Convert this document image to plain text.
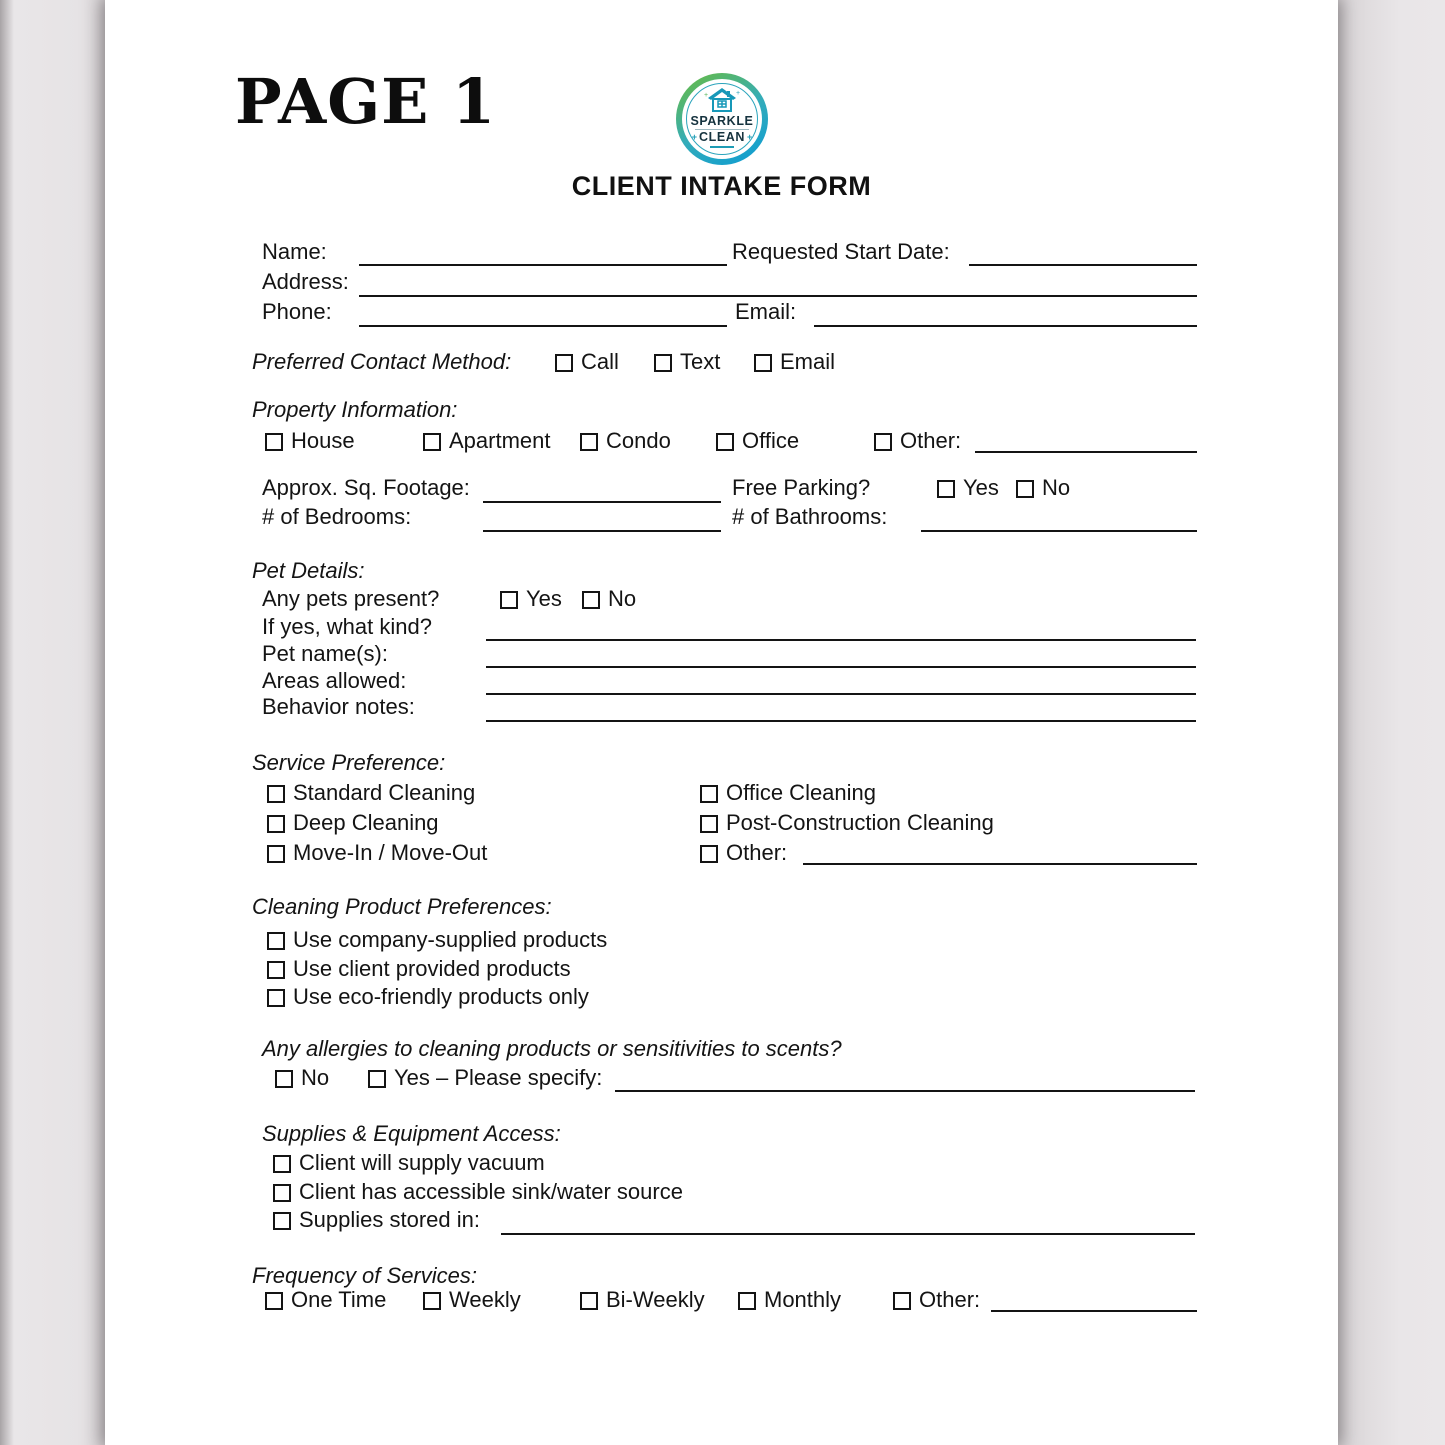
PAGE 1	+	+
SPARKLE
+ CLEAN +
CLIENT INTAKE FORM
Name:	Requested Start Date:
Address:
Phone:	Email:
Preferred Contact Method:	Call	Text	Email
Property Information:
House	Apartment	Condo	Office	Other:
Approx. Sq. Footage:	Free Parking?	Yes No
# of Bedrooms:	# of Bathrooms:
Pet Details:
Any pets present?	Yes No
If yes, what kind?
Pet name(s):
Areas allowed:
Behavior notes:
Service Preference:
Standard Cleaning	Office Cleaning
Deep Cleaning	Post-Construction Cleaning
Move-In / Move-Out	Other:
Cleaning Product Preferences:
Use company-supplied products
Use client provided products
Use eco-friendly products only
Any allergies to cleaning products or sensitivities to scents?
No	Yes – Please specify:
Supplies & Equipment Access:
Client will supply vacuum
Client has accessible sink/water source
Supplies stored in:
Frequency of Services:
One Time	Weekly	Bi-Weekly	Monthly	Other:
